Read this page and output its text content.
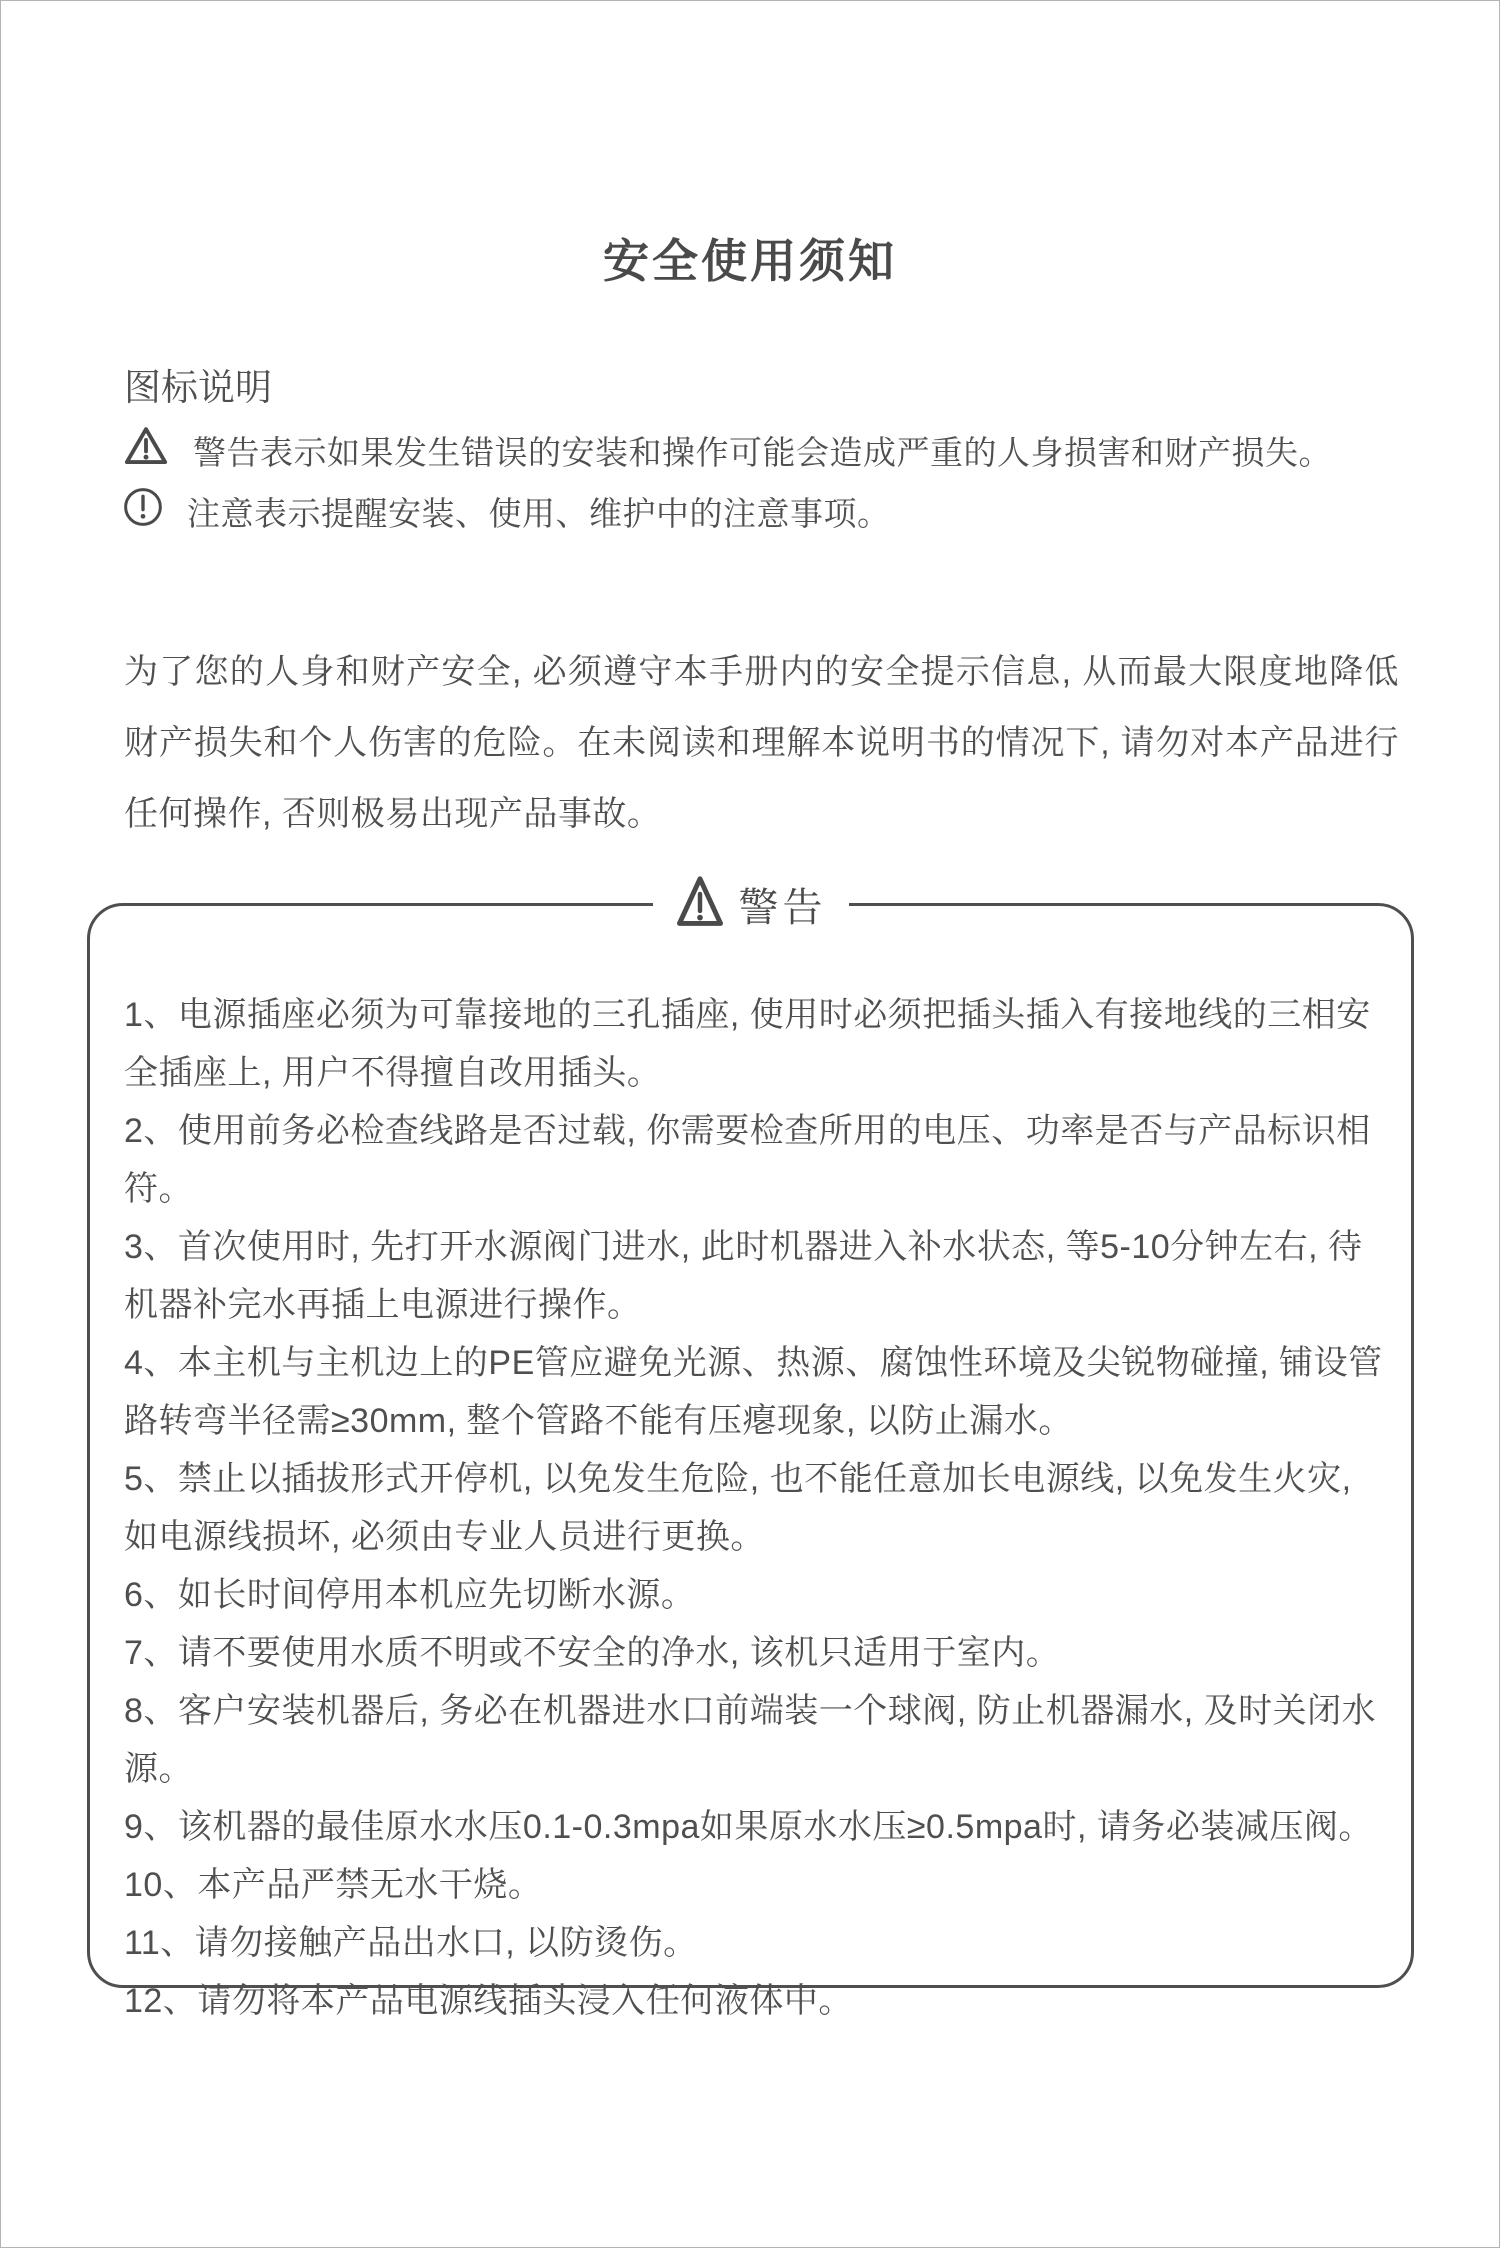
安全使用须知
图标说明
警告表示如果发生错误的安装和操作可能会造成严重的人身损害和财产损失。
注意表示提醒安装、使用、维护中的注意事项。

为了您的人身和财产安全, 必须遵守本手册内的安全提示信息, 从而最大限度地降低财产损失和个人伤害的危险。在未阅读和理解本说明书的情况下, 请勿对本产品进行任何操作, 否则极易出现产品事故。

警告
1、电源插座必须为可靠接地的三孔插座, 使用时必须把插头插入有接地线的三相安全插座上, 用户不得擅自改用插头。
2、使用前务必检查线路是否过载, 你需要检查所用的电压、功率是否与产品标识相符。
3、首次使用时, 先打开水源阀门进水, 此时机器进入补水状态, 等5-10分钟左右, 待机器补完水再插上电源进行操作。
4、本主机与主机边上的PE管应避免光源、热源、腐蚀性环境及尖锐物碰撞, 铺设管路转弯半径需≥30mm, 整个管路不能有压瘪现象, 以防止漏水。
5、禁止以插拔形式开停机, 以免发生危险, 也不能任意加长电源线, 以免发生火灾, 如电源线损坏, 必须由专业人员进行更换。
6、如长时间停用本机应先切断水源。
7、请不要使用水质不明或不安全的净水, 该机只适用于室内。
8、客户安装机器后, 务必在机器进水口前端装一个球阀, 防止机器漏水, 及时关闭水源。
9、该机器的最佳原水水压0.1-0.3mpa如果原水水压≥0.5mpa时, 请务必装减压阀。
10、本产品严禁无水干烧。
11、请勿接触产品出水口, 以防烫伤。
12、请勿将本产品电源线插头浸入任何液体中。
